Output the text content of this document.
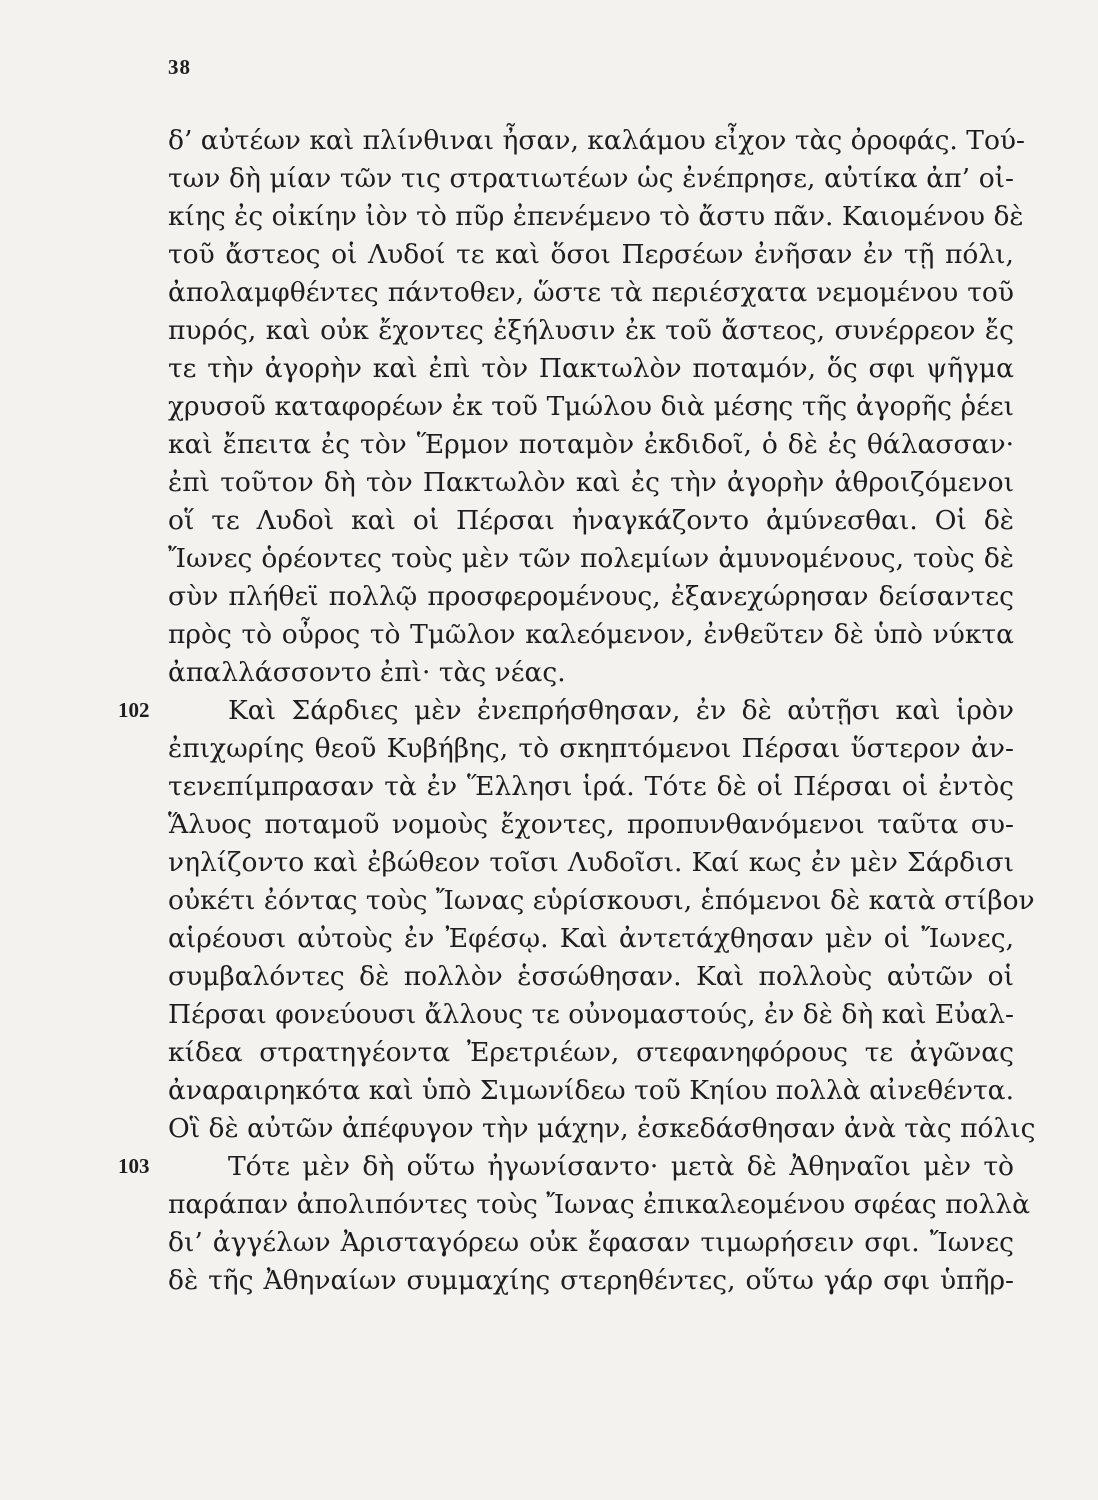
38
δ’ αὐτέων καὶ πλίνθιναι ἦσαν, καλάμου εἶχον τὰς ὀροφάς. Τού-
των δὴ μίαν τῶν τις στρατιωτέων ὡς ἐνέπρησε, αὐτίκα ἀπ’ οἰ-
κίης ἐς οἰκίην ἰὸν τὸ πῦρ ἐπενέμενο τὸ ἄστυ πᾶν. Καιομένου δὲ
τοῦ ἄστεος οἱ Λυδοί τε καὶ ὅσοι Περσέων ἐνῆσαν ἐν τῇ πόλι,
ἀπολαμφθέντες πάντοθεν, ὥστε τὰ περιέσχατα νεμομένου τοῦ
πυρός, καὶ οὐκ ἔχοντες ἐξήλυσιν ἐκ τοῦ ἄστεος, συνέρρεον ἔς
τε τὴν ἀγορὴν καὶ ἐπὶ τὸν Πακτωλὸν ποταμόν, ὅς σφι ψῆγμα
χρυσοῦ καταφορέων ἐκ τοῦ Τμώλου διὰ μέσης τῆς ἀγορῆς ῥέει
καὶ ἔπειτα ἐς τὸν Ἕρμον ποταμὸν ἐκδιδοῖ, ὁ δὲ ἐς θάλασσαν·
ἐπὶ τοῦτον δὴ τὸν Πακτωλὸν καὶ ἐς τὴν ἀγορὴν ἀθροιζόμενοι
οἵ τε Λυδοὶ καὶ οἱ Πέρσαι ἠναγκάζοντο ἀμύνεσθαι. Οἱ δὲ
Ἴωνες ὁρέοντες τοὺς μὲν τῶν πολεμίων ἀμυνομένους, τοὺς δὲ
σὺν πλήθεϊ πολλῷ προσφερομένους, ἐξανεχώρησαν δείσαντες
πρὸς τὸ οὖρος τὸ Τμῶλον καλεόμενον, ἐνθεῦτεν δὲ ὑπὸ νύκτα
ἀπαλλάσσοντο ἐπὶ· τὰς νέας.
102	Καὶ Σάρδιες μὲν ἐνεπρήσθησαν, ἐν δὲ αὐτῇσι καὶ ἱρὸν
ἐπιχωρίης θεοῦ Κυβήβης, τὸ σκηπτόμενοι Πέρσαι ὕστερον ἀν-
τενεπίμπρασαν τὰ ἐν Ἕλλησι ἱρά. Τότε δὲ οἱ Πέρσαι οἱ ἐντὸς
Ἅλυος ποταμοῦ νομοὺς ἔχοντες, προπυνθανόμενοι ταῦτα συ-
νηλίζοντο καὶ ἐβώθεον τοῖσι Λυδοῖσι. Καί κως ἐν μὲν Σάρδισι
οὐκέτι ἐόντας τοὺς Ἴωνας εὑρίσκουσι, ἑπόμενοι δὲ κατὰ στίβον
αἱρέουσι αὐτοὺς ἐν Ἐφέσῳ. Καὶ ἀντετάχθησαν μὲν οἱ Ἴωνες,
συμβαλόντες δὲ πολλὸν ἑσσώθησαν. Καὶ πολλοὺς αὐτῶν οἱ
Πέρσαι φονεύουσι ἄλλους τε οὐνομαστούς, ἐν δὲ δὴ καὶ Εὐαλ-
κίδεα στρατηγέοντα Ἐρετριέων, στεφανηφόρους τε ἀγῶνας
ἀναραιρηκότα καὶ ὑπὸ Σιμωνίδεω τοῦ Κηίου πολλὰ αἰνεθέντα.
Οἳ δὲ αὐτῶν ἀπέφυγον τὴν μάχην, ἐσκεδάσθησαν ἀνὰ τὰς πόλις
103	Τότε μὲν δὴ οὕτω ἠγωνίσαντο· μετὰ δὲ Ἀθηναῖοι μὲν τὸ
παράπαν ἀπολιπόντες τοὺς Ἴωνας ἐπικαλεομένου σφέας πολλὰ
δι’ ἀγγέλων Ἀρισταγόρεω οὐκ ἔφασαν τιμωρήσειν σφι. Ἴωνες
δὲ τῆς Ἀθηναίων συμμαχίης στερηθέντες, οὕτω γάρ σφι ὑπῆρ-
